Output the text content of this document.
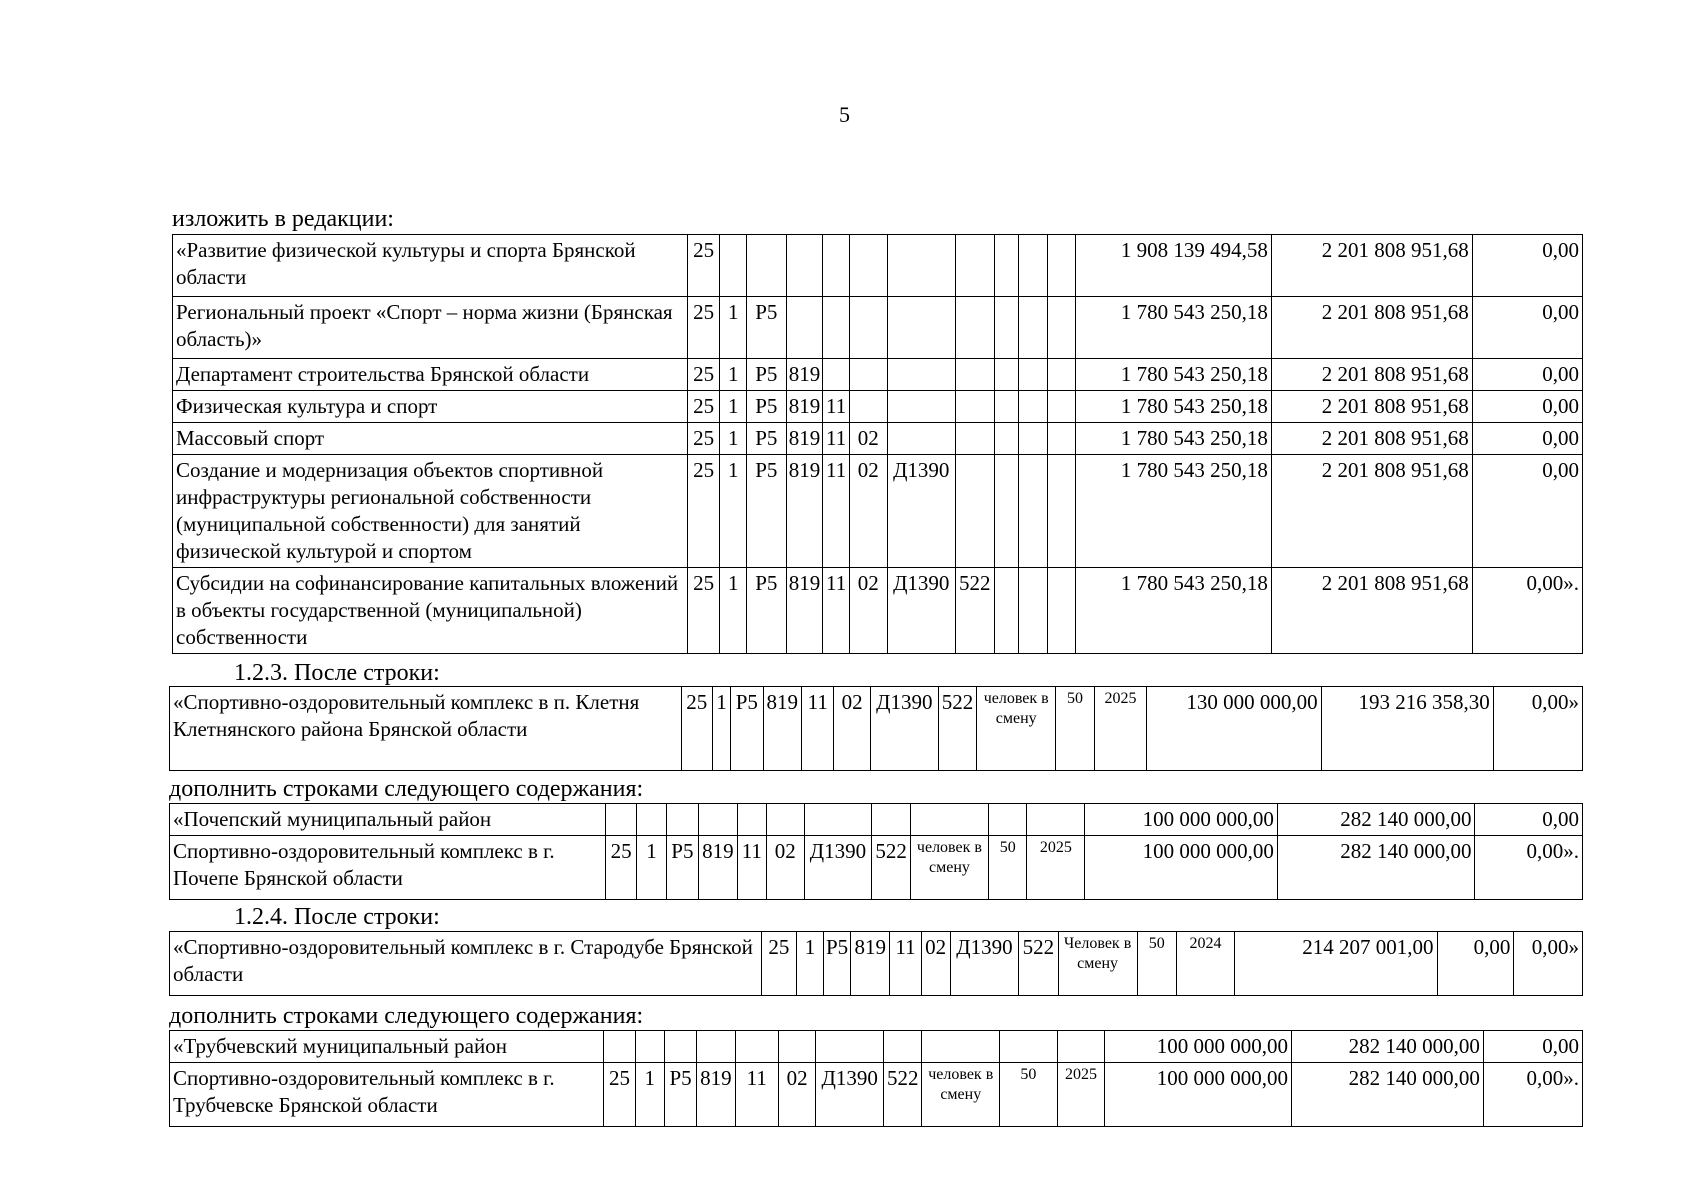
5
изложить в редакции:
«Развитие физической культуры и спорта Брянской области	25											1 908 139 494,58	2 201 808 951,68	0,00
Региональный проект «Спорт – норма жизни (Брянская область)»	25	1	Р5									1 780 543 250,18	2 201 808 951,68	0,00
Департамент строительства Брянской области	25	1	Р5	819								1 780 543 250,18	2 201 808 951,68	0,00
Физическая культура и спорт	25	1	Р5	819	11							1 780 543 250,18	2 201 808 951,68	0,00
Массовый спорт	25	1	Р5	819	11	02						1 780 543 250,18	2 201 808 951,68	0,00
Создание и модернизация объектов спортивной инфраструктуры региональной собственности (муниципальной собственности) для занятий физической культурой и спортом	25	1	Р5	819	11	02	Д1390					1 780 543 250,18	2 201 808 951,68	0,00
Субсидии на софинансирование капитальных вложений в объекты государственной (муниципальной) собственности	25	1	Р5	819	11	02	Д1390	522				1 780 543 250,18	2 201 808 951,68	0,00».
1.2.3. После строки:
«Спортивно-оздоровительный комплекс в п. Клетня Клетнянского района Брянской области	25	1	Р5	819	11	02	Д1390	522	человек в смену	50	2025	130 000 000,00	193 216 358,30	0,00»
дополнить строками следующего содержания:
«Почепский муниципальный район												100 000 000,00	282 140 000,00	0,00
Спортивно-оздоровительный комплекс в г. Почепе Брянской области	25	1	Р5	819	11	02	Д1390	522	человек в смену	50	2025	100 000 000,00	282 140 000,00	0,00».
1.2.4. После строки:
«Спортивно-оздоровительный комплекс в г. Стародубе Брянской области	25	1	Р5	819	11	02	Д1390	522	Человек в смену	50	2024	214 207 001,00	0,00	0,00»
дополнить строками следующего содержания:
«Трубчевский муниципальный район												100 000 000,00	282 140 000,00	0,00
Спортивно-оздоровительный комплекс в г. Трубчевске Брянской области	25	1	Р5	819	11	02	Д1390	522	человек в смену	50	2025	100 000 000,00	282 140 000,00	0,00».
